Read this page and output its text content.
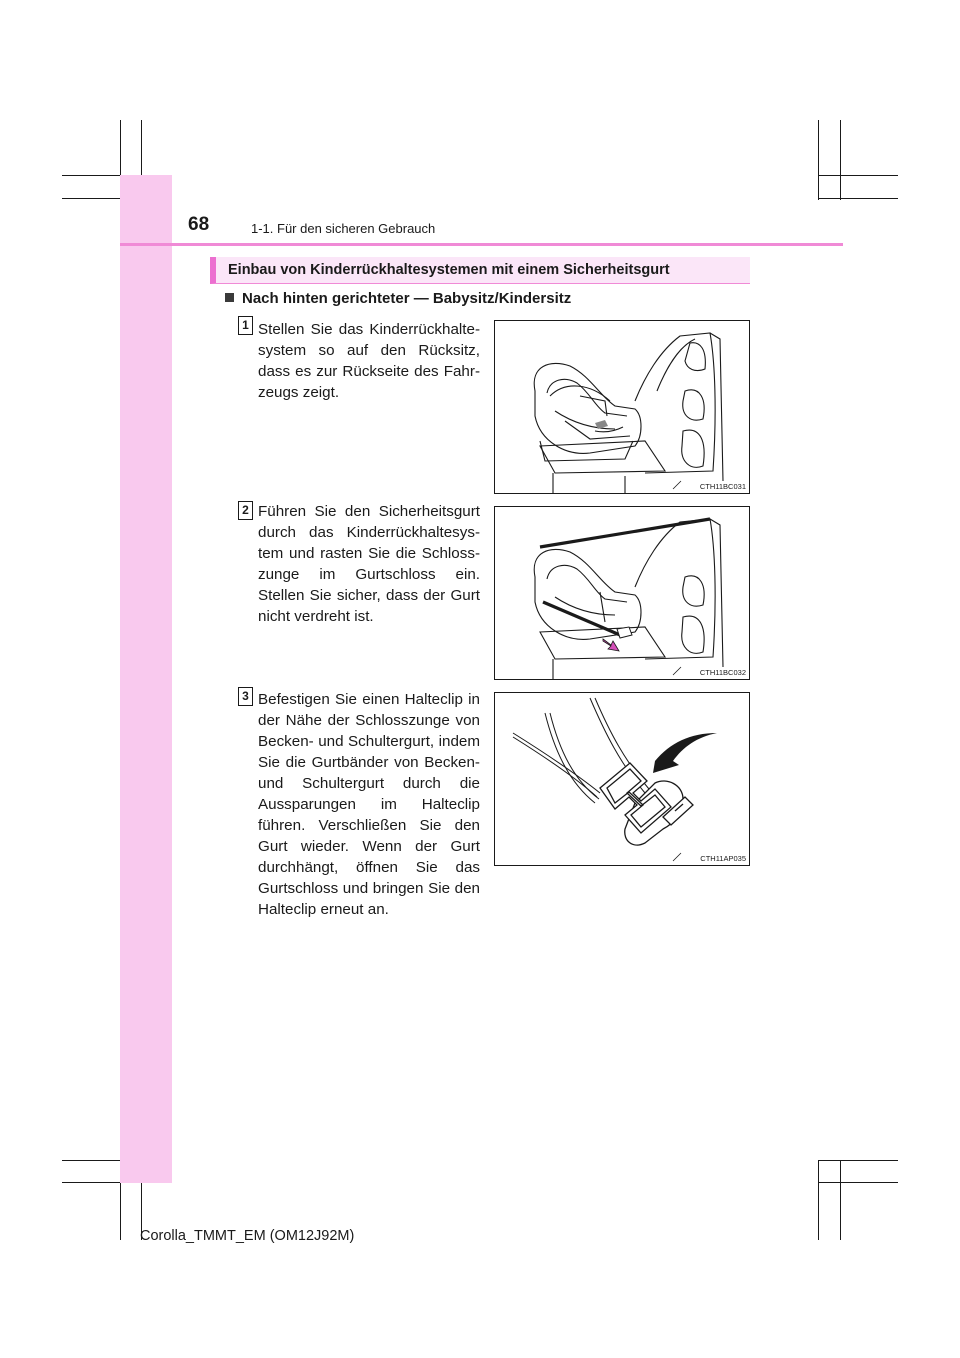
68	1-1. Für den sicheren Gebrauch
Einbau von Kinderrückhaltesystemen mit einem Sicherheitsgurt
Nach hinten gerichteter — Babysitz/Kindersitz
1 Stellen Sie das Kinderrückhaltesystem so auf den Rücksitz, dass es zur Rückseite des Fahrzeugs zeigt.
CTH11BC031
2 Führen Sie den Sicherheitsgurt durch das Kinderrückhaltesystem und rasten Sie die Schlosszunge im Gurtschloss ein. Stellen Sie sicher, dass der Gurt nicht verdreht ist.
CTH11BC032
3 Befestigen Sie einen Halteclip in der Nähe der Schlosszunge von Becken- und Schultergurt, indem Sie die Gurtbänder von Becken- und Schultergurt durch die Aussparungen im Halteclip führen. Verschließen Sie den Gurt wieder. Wenn der Gurt durchhängt, öffnen Sie das Gurtschloss und bringen Sie den Halteclip erneut an.
CTH11AP035
Corolla_TMMT_EM (OM12J92M)
